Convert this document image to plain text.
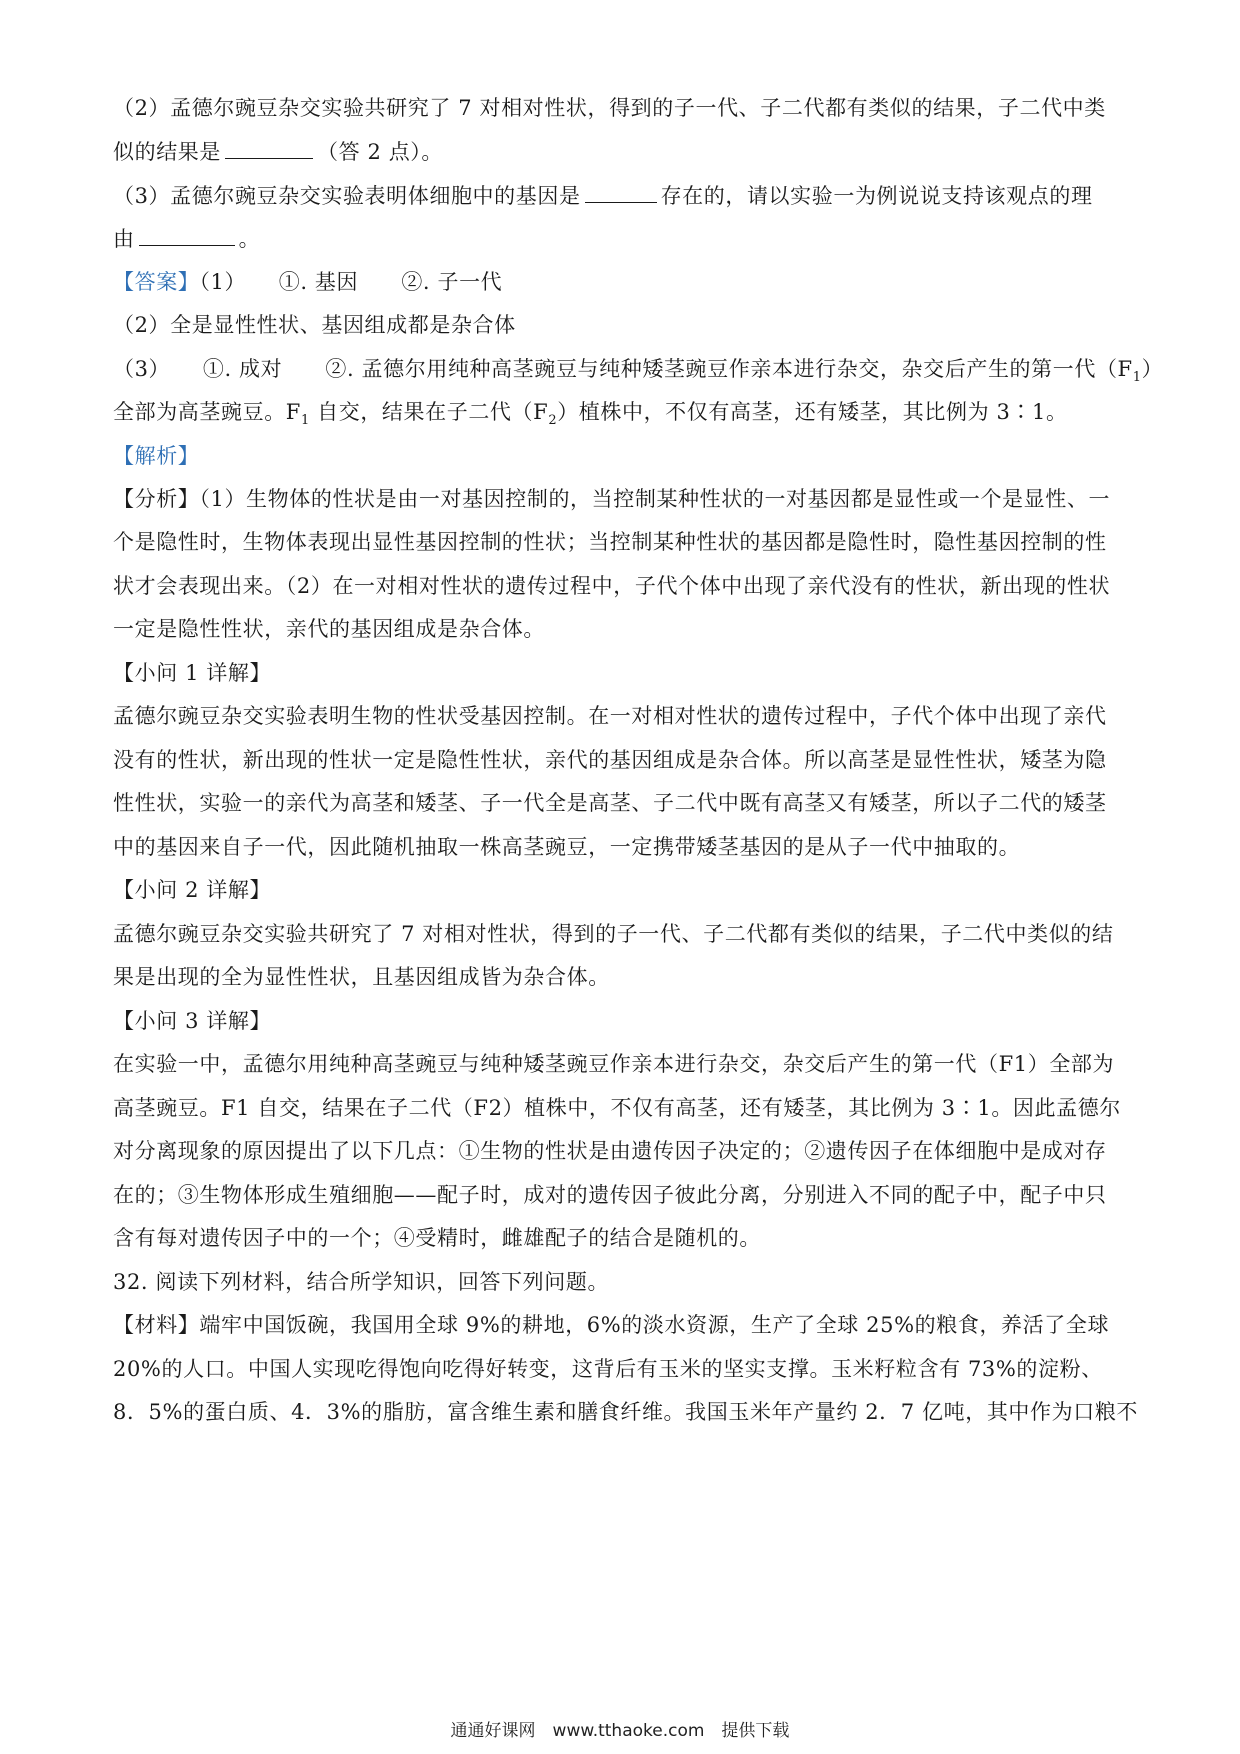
（2）孟德尔豌豆杂交实验共研究了 7 对相对性状，得到的子一代、子二代都有类似的结果，子二代中类
似的结果是	（答 2 点）。
（3）孟德尔豌豆杂交实验表明体细胞中的基因是	存在的，请以实验一为例说说支持该观点的理
由	。
【答案】（1）　　①. 基因　　②. 子一代
（2）全是显性性状、基因组成都是杂合体
（3）　　①. 成对　　②. 孟德尔用纯种高茎豌豆与纯种矮茎豌豆作亲本进行杂交，杂交后产生的第一代$(F_1)$
全部为高茎豌豆。$F_1$ 自交，结果在子二代$(F_2)$植株中，不仅有高茎，还有矮茎，其比例为 3∶1。
【解析】
【分析】（1）生物体的性状是由一对基因控制的，当控制某种性状的一对基因都是显性或一个是显性、一
个是隐性时，生物体表现出显性基因控制的性状；当控制某种性状的基因都是隐性时，隐性基因控制的性
状才会表现出来。（2）在一对相对性状的遗传过程中，子代个体中出现了亲代没有的性状，新出现的性状
一定是隐性性状，亲代的基因组成是杂合体。
【小问 1 详解】
孟德尔豌豆杂交实验表明生物的性状受基因控制。在一对相对性状的遗传过程中，子代个体中出现了亲代
没有的性状，新出现的性状一定是隐性性状，亲代的基因组成是杂合体。所以高茎是显性性状，矮茎为隐
性性状，实验一的亲代为高茎和矮茎、子一代全是高茎、子二代中既有高茎又有矮茎，所以子二代的矮茎
中的基因来自子一代，因此随机抽取一株高茎豌豆，一定携带矮茎基因的是从子一代中抽取的。
【小问 2 详解】
孟德尔豌豆杂交实验共研究了 7 对相对性状，得到的子一代、子二代都有类似的结果，子二代中类似的结
果是出现的全为显性性状，且基因组成皆为杂合体。
【小问 3 详解】
在实验一中，孟德尔用纯种高茎豌豆与纯种矮茎豌豆作亲本进行杂交，杂交后产生的第一代（F1）全部为
高茎豌豆。F1 自交，结果在子二代（F2）植株中，不仅有高茎，还有矮茎，其比例为 3∶1。因此孟德尔
对分离现象的原因提出了以下几点：①生物的性状是由遗传因子决定的；②遗传因子在体细胞中是成对存
在的；③生物体形成生殖细胞——配子时，成对的遗传因子彼此分离，分别进入不同的配子中，配子中只
含有每对遗传因子中的一个；④受精时，雌雄配子的结合是随机的。
32. 阅读下列材料，结合所学知识，回答下列问题。
【材料】端牢中国饭碗，我国用全球 9%的耕地，6%的淡水资源，生产了全球 25%的粮食，养活了全球
20%的人口。中国人实现吃得饱向吃得好转变，这背后有玉米的坚实支撑。玉米籽粒含有 73%的淀粉、
8．5%的蛋白质、4．3%的脂肪，富含维生素和膳食纤维。我国玉米年产量约 2．7 亿吨，其中作为口粮不
通通好课网　www.tthaoke.com　提供下载
